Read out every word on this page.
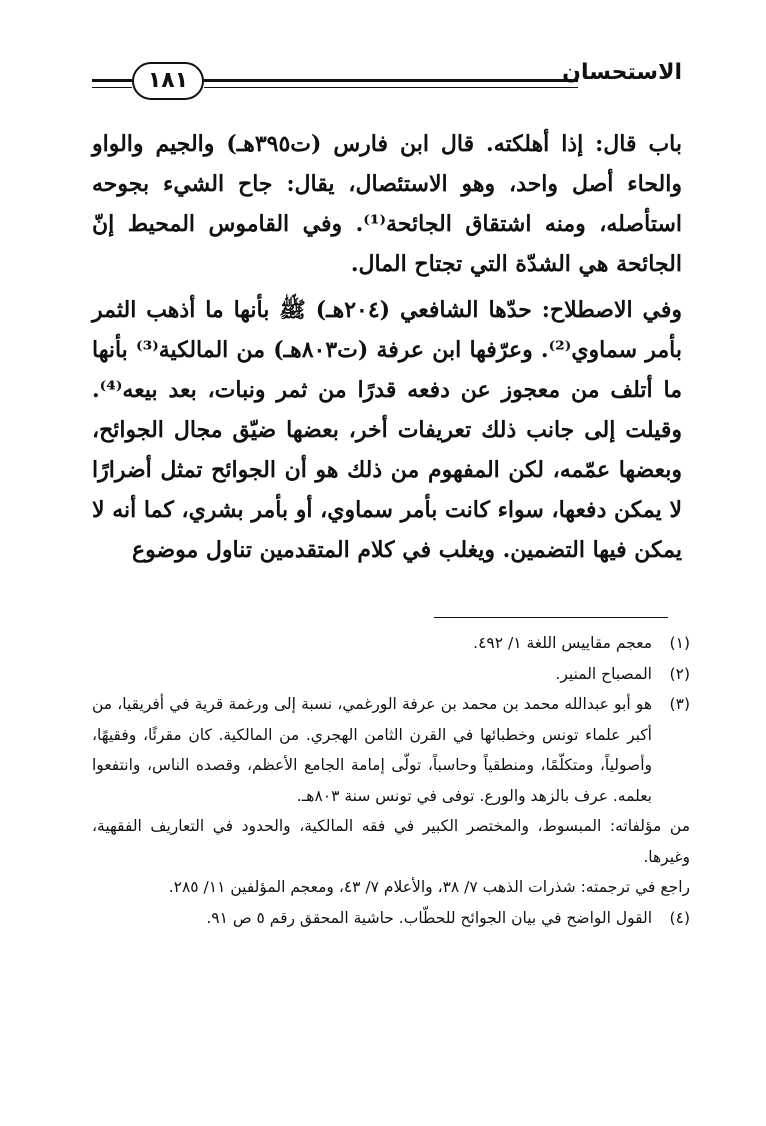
١٨١	الاستحسان

باب قال: إذا أهلكته. قال ابن فارس (ت٣٩٥هـ) والجيم والواو والحاء أصل واحد، وهو الاستئصال، يقال: جاح الشيء بجوحه استأصله، ومنه اشتقاق الجائحة⁽¹⁾. وفي القاموس المحيط إنّ الجائحة هي الشدّة التي تجتاح المال.

وفي الاصطلاح: حدّها الشافعي (٢٠٤هـ) ﷺ بأنها ما أذهب الثمر بأمر سماوي⁽²⁾. وعرّفها ابن عرفة (ت٨٠٣هـ) من المالكية⁽³⁾ بأنها ما أتلف من معجوز عن دفعه قدرًا من ثمر ونبات، بعد بيعه⁽⁴⁾. وقيلت إلى جانب ذلك تعريفات أخر، بعضها ضيّق مجال الجوائح، وبعضها عمّمه، لكن المفهوم من ذلك هو أن الجوائح تمثل أضرارًا لا يمكن دفعها، سواء كانت بأمر سماوي، أو بأمر بشري، كما أنه لا يمكن فيها التضمين. ويغلب في كلام المتقدمين تناول موضوع

(١)
معجم مقاييس اللغة ١/ ٤٩٢.
(٢)
المصباح المنير.
(٣)
هو أبو عبدالله محمد بن محمد بن عرفة الورغمي، نسبة إلى ورغمة قرية في أفريقيا، من أكبر علماء تونس وخطبائها في القرن الثامن الهجري. من المالكية. كان مقرئًا، وفقيهًا، وأصولياً، ومتكلّمًا، ومنطقياً وحاسباً، تولّى إمامة الجامع الأعظم، وقصده الناس، وانتفعوا بعلمه. عرف بالزهد والورع. توفى في تونس سنة ٨٠٣هـ.
من مؤلفاته: المبسوط، والمختصر الكبير في فقه المالكية، والحدود في التعاريف الفقهية، وغيرها.
راجع في ترجمته: شذرات الذهب ٧/ ٣٨، والأعلام ٧/ ٤٣، ومعجم المؤلفين ١١/ ٢٨٥.
(٤)
القول الواضح في بيان الجوائح للحطّاب. حاشية المحقق رقم ٥ ص ٩١.
